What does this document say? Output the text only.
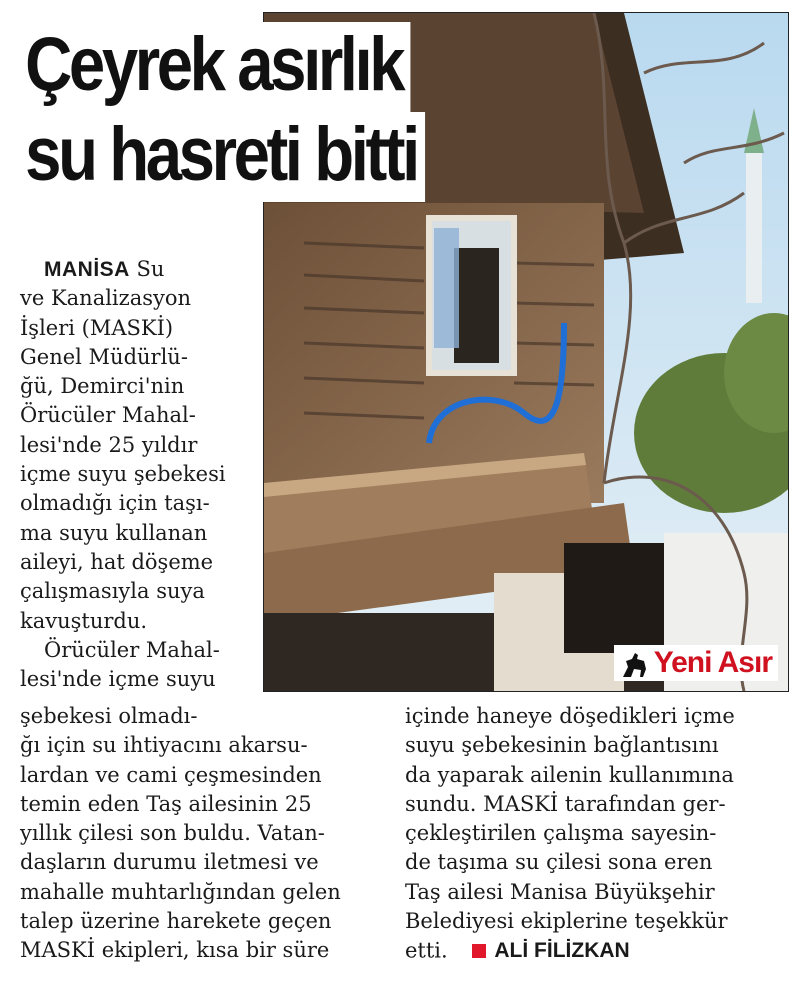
Yeni Asır
Çeyrek asırlık
su hasreti bitti

MANİSA Su
ve Kanalizasyon
İşleri (MASKİ)
Genel Müdürlü-
ğü, Demirci'nin
Örücüler Mahal-
lesi'nde 25 yıldır
içme suyu şebekesi
olmadığı için taşı-
ma suyu kullanan
aileyi, hat döşeme
çalışmasıyla suya
kavuşturdu.

Örücüler Mahal-
lesi'nde içme suyu

şebekesi olmadı-
ğı için su ihtiyacını akarsu-
lardan ve cami çeşmesinden
temin eden Taş ailesinin 25
yıllık çilesi son buldu. Vatan-
daşların durumu iletmesi ve
mahalle muhtarlığından gelen
talep üzerine harekete geçen
MASKİ ekipleri, kısa bir süre
içinde haneye döşedikleri içme
suyu şebekesinin bağlantısını
da yaparak ailenin kullanımına
sundu. MASKİ tarafından ger-
çekleştirilen çalışma sayesin-
de taşıma su çilesi sona eren
Taş ailesi Manisa Büyükşehir
Belediyesi ekiplerine teşekkür
etti. ALİ FİLİZKAN
